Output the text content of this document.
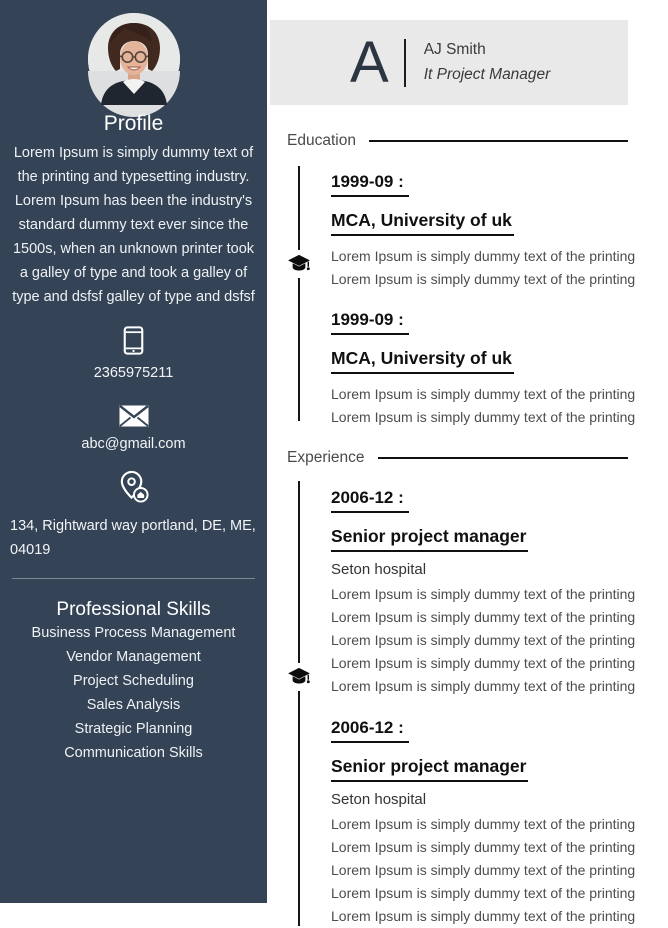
Profile
Lorem Ipsum is simply dummy text of the printing and typesetting industry. Lorem Ipsum has been the industry's standard dummy text ever since the 1500s, when an unknown printer took a galley of type and took a galley of type and dsfsf galley of type and dsfsf
2365975211
abc@gmail.com
134, Rightward way portland, DE, ME, 04019
Professional Skills
Business Process Management
Vendor Management
Project Scheduling
Sales Analysis
Strategic Planning
Communication Skills
A AJ Smith
It Project Manager
Education
1999-09 :
MCA, University of uk
Lorem Ipsum is simply dummy text of the printing
Lorem Ipsum is simply dummy text of the printing
1999-09 :
MCA, University of uk
Lorem Ipsum is simply dummy text of the printing
Lorem Ipsum is simply dummy text of the printing
Experience
2006-12 :
Senior project manager
Seton hospital
Lorem Ipsum is simply dummy text of the printing
Lorem Ipsum is simply dummy text of the printing
Lorem Ipsum is simply dummy text of the printing
Lorem Ipsum is simply dummy text of the printing
Lorem Ipsum is simply dummy text of the printing
2006-12 :
Senior project manager
Seton hospital
Lorem Ipsum is simply dummy text of the printing
Lorem Ipsum is simply dummy text of the printing
Lorem Ipsum is simply dummy text of the printing
Lorem Ipsum is simply dummy text of the printing
Lorem Ipsum is simply dummy text of the printing
